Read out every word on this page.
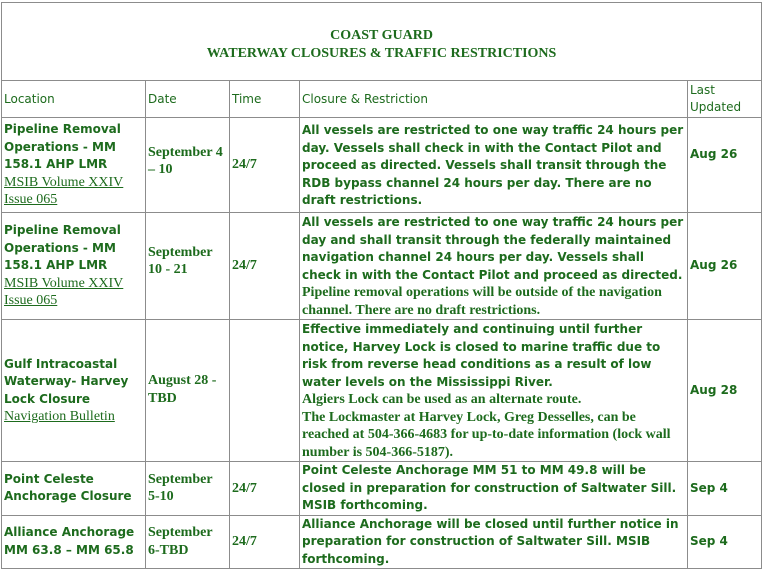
COAST GUARD
WATERWAY CLOSURES & TRAFFIC RESTRICTIONS				

Location	Date	Time	Closure & Restriction	Last Updated

Pipeline Removal Operations - MM 158.1 AHP LMR
MSIB Volume XXIV Issue 065	September 4 – 10	24/7	All vessels are restricted to one way traffic 24 hours per day. Vessels shall check in with the Contact Pilot and proceed as directed. Vessels shall transit through the RDB bypass channel 24 hours per day. There are no draft restrictions.	Aug 26

Pipeline Removal Operations - MM 158.1 AHP LMR
MSIB Volume XXIV Issue 065	September 10 - 21	24/7	All vessels are restricted to one way traffic 24 hours per day and shall transit through the federally maintained navigation channel 24 hours per day. Vessels shall check in with the Contact Pilot and proceed as directed.
Pipeline removal operations will be outside of the navigation channel. There are no draft restrictions.	Aug 26

Gulf Intracoastal Waterway- Harvey Lock Closure
Navigation Bulletin	August 28 - TBD		Effective immediately and continuing until further notice, Harvey Lock is closed to marine traffic due to risk from reverse head conditions as a result of low water levels on the Mississippi River.
Algiers Lock can be used as an alternate route.
The Lockmaster at Harvey Lock, Greg Desselles, can be reached at 504-366-4683 for up-to-date information (lock wall number is 504-366-5187).	Aug 28
Point Celeste Anchorage Closure	September 5-10	24/7	Point Celeste Anchorage MM 51 to MM 49.8 will be closed in preparation for construction of Saltwater Sill. MSIB forthcoming.	Sep 4
Alliance Anchorage MM 63.8 – MM 65.8	September 6-TBD	24/7	Alliance Anchorage will be closed until further notice in preparation for construction of Saltwater Sill. MSIB forthcoming.	Sep 4
